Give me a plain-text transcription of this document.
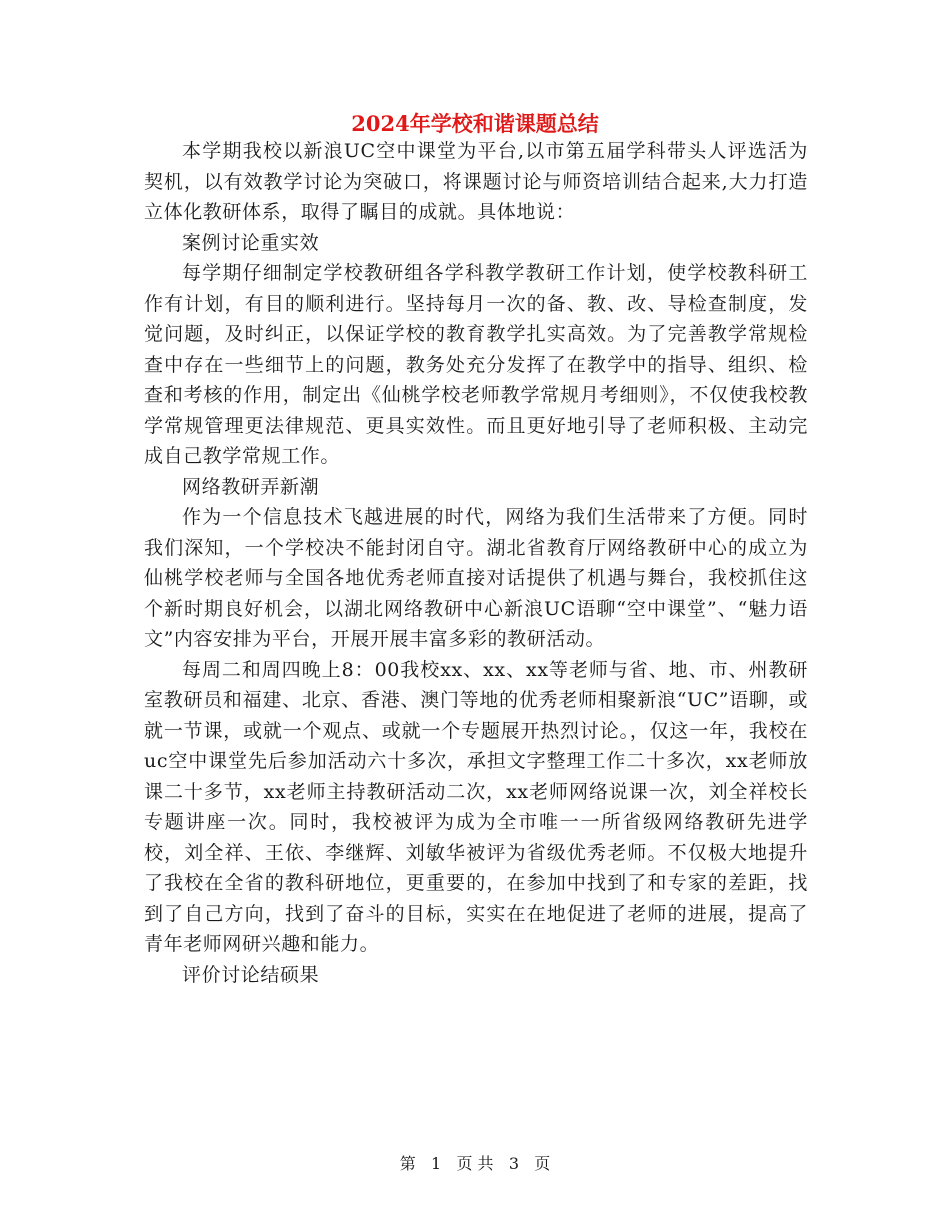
2024年学校和谐课题总结

本学期我校以新浪UC空中课堂为平台,以市第五届学科带头人评选活为契机，以有效教学讨论为突破口，将课题讨论与师资培训结合起来,大力打造立体化教研体系，取得了瞩目的成就。具体地说：

案例讨论重实效

每学期仔细制定学校教研组各学科教学教研工作计划，使学校教科研工作有计划，有目的顺利进行。坚持每月一次的备、教、改、导检查制度，发觉问题，及时纠正，以保证学校的教育教学扎实高效。为了完善教学常规检查中存在一些细节上的问题，教务处充分发挥了在教学中的指导、组织、检查和考核的作用，制定出《仙桃学校老师教学常规月考细则》，不仅使我校教学常规管理更法律规范、更具实效性。而且更好地引导了老师积极、主动完成自己教学常规工作。

网络教研弄新潮

作为一个信息技术飞越进展的时代，网络为我们生活带来了方便。同时我们深知，一个学校决不能封闭自守。湖北省教育厅网络教研中心的成立为仙桃学校老师与全国各地优秀老师直接对话提供了机遇与舞台，我校抓住这个新时期良好机会，以湖北网络教研中心新浪UC语聊“空中课堂”、“魅力语文”内容安排为平台，开展开展丰富多彩的教研活动。

每周二和周四晚上8：00我校xx、xx、xx等老师与省、地、市、州教研室教研员和福建、北京、香港、澳门等地的优秀老师相聚新浪“UC”语聊，或就一节课，或就一个观点、或就一个专题展开热烈讨论。，仅这一年，我校在uc空中课堂先后参加活动六十多次，承担文字整理工作二十多次，xx老师放课二十多节，xx老师主持教研活动二次，xx老师网络说课一次，刘全祥校长专题讲座一次。同时，我校被评为成为全市唯一一所省级网络教研先进学校，刘全祥、王依、李继辉、刘敏华被评为省级优秀老师。不仅极大地提升了我校在全省的教科研地位，更重要的，在参加中找到了和专家的差距，找到了自己方向，找到了奋斗的目标，实实在在地促进了老师的进展，提高了青年老师网研兴趣和能力。

评价讨论结硕果

第 1 页 共 3 页
